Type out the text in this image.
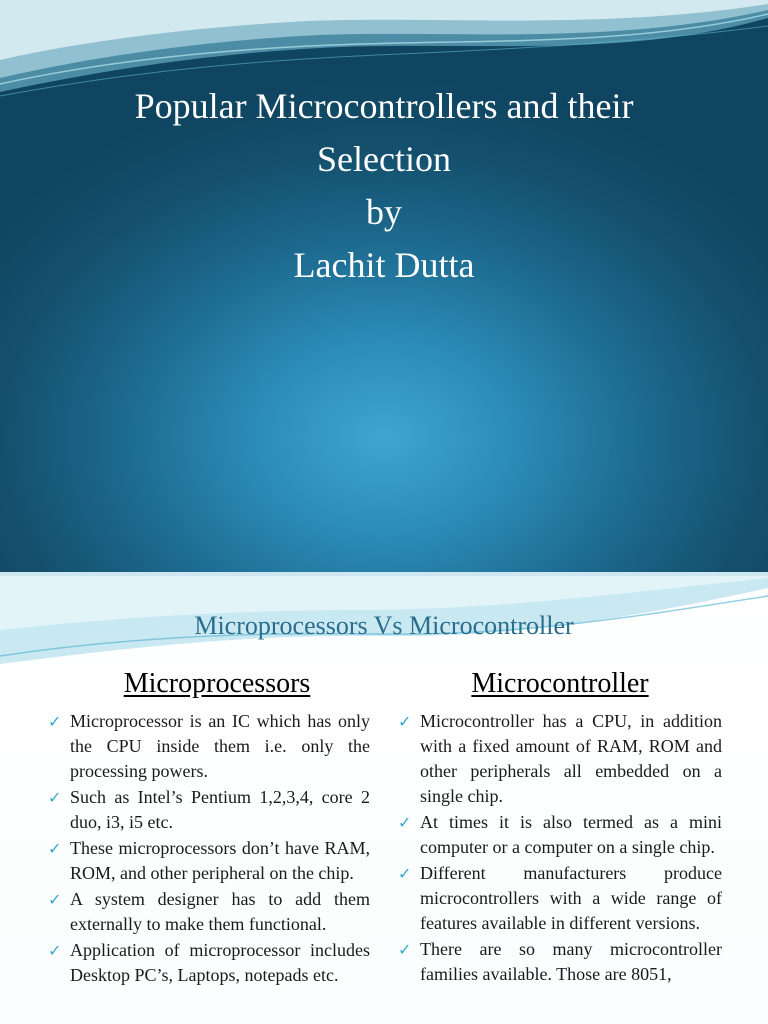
Popular Microcontrollers and their
Selection
by
Lachit Dutta
Microprocessors Vs Microcontroller
Microprocessors
✓ Microprocessor is an IC which has only the CPU inside them i.e. only the processing powers.
✓ Such as Intel’s Pentium 1,2,3,4, core 2 duo, i3, i5 etc.
✓ These microprocessors don’t have RAM, ROM, and other peripheral on the chip.
✓ A system designer has to add them externally to make them functional.
✓ Application of microprocessor includes Desktop PC’s, Laptops, notepads etc.
Microcontroller
✓ Microcontroller has a CPU, in addition with a fixed amount of RAM, ROM and other peripherals all embedded on a single chip.
✓ At times it is also termed as a mini computer or a computer on a single chip.
✓ Different manufacturers produce microcontrollers with a wide range of features available in different versions.
✓ There are so many microcontroller families available. Those are 8051,
